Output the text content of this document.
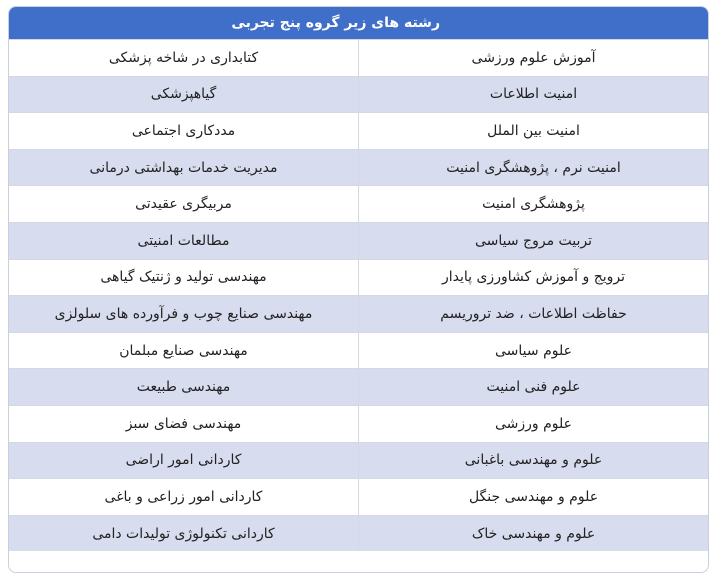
رشته های زیر گروه پنج تجربی
آموزش علوم ورزشی
کتابداری در شاخه پزشکی
امنیت اطلاعات
گیاهپزشکی
امنیت بین الملل
مددکاری اجتماعی
امنیت نرم ، پژوهشگری امنیت
مدیریت خدمات بهداشتی درمانی
پژوهشگری امنیت
مربیگری عقیدتی
تربیت مروج سیاسی
مطالعات امنیتی
ترویج و آموزش کشاورزی پایدار
مهندسی تولید و ژنتیک گیاهی
حفاظت اطلاعات ، ضد تروریسم
مهندسی صنایع چوب و فرآورده های سلولزی
علوم سیاسی
مهندسی صنایع مبلمان
علوم فنی امنیت
مهندسی طبیعت
علوم ورزشی
مهندسی فضای سبز
علوم و مهندسی باغبانی
کاردانی امور اراضی
علوم و مهندسی جنگل
کاردانی امور زراعی و باغی
علوم و مهندسی خاک
کاردانی تکنولوژی تولیدات دامی
